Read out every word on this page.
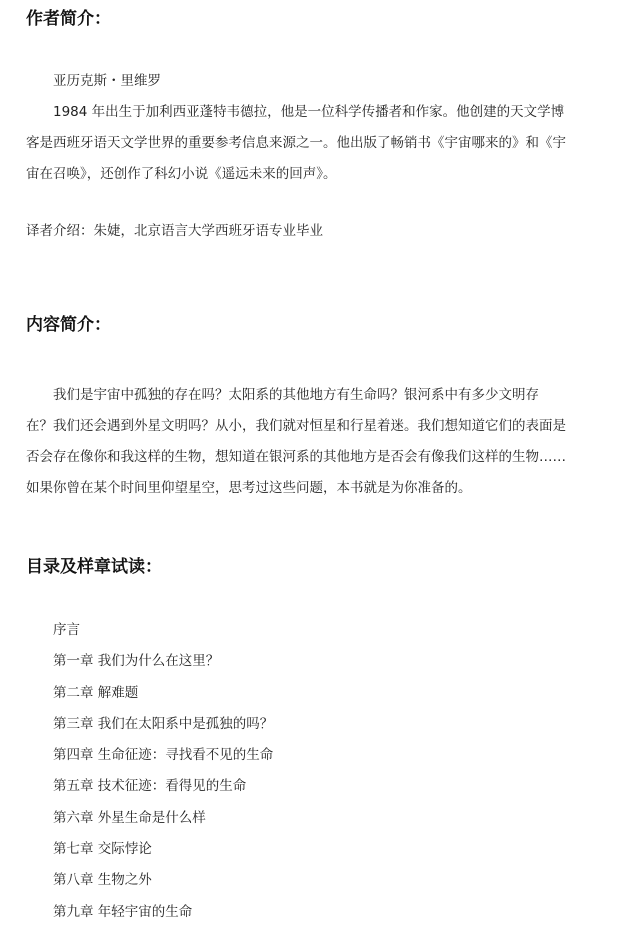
作者简介：
亚历克斯・里维罗
1984 年出生于加利西亚蓬特韦德拉，他是一位科学传播者和作家。他创建的天文学博
客是西班牙语天文学世界的重要参考信息来源之一。他出版了畅销书《宇宙哪来的》和《宇
宙在召唤》，还创作了科幻小说《遥远未来的回声》。
译者介绍：朱婕，北京语言大学西班牙语专业毕业
内容简介：
我们是宇宙中孤独的存在吗？太阳系的其他地方有生命吗？银河系中有多少文明存
在？我们还会遇到外星文明吗？从小，我们就对恒星和行星着迷。我们想知道它们的表面是
否会存在像你和我这样的生物，想知道在银河系的其他地方是否会有像我们这样的生物……
如果你曾在某个时间里仰望星空，思考过这些问题，本书就是为你准备的。
目录及样章试读：
序言
第一章 我们为什么在这里？
第二章 解难题
第三章 我们在太阳系中是孤独的吗？
第四章 生命征迹：寻找看不见的生命
第五章 技术征迹：看得见的生命
第六章 外星生命是什么样
第七章 交际悖论
第八章 生物之外
第九章 年轻宇宙的生命
